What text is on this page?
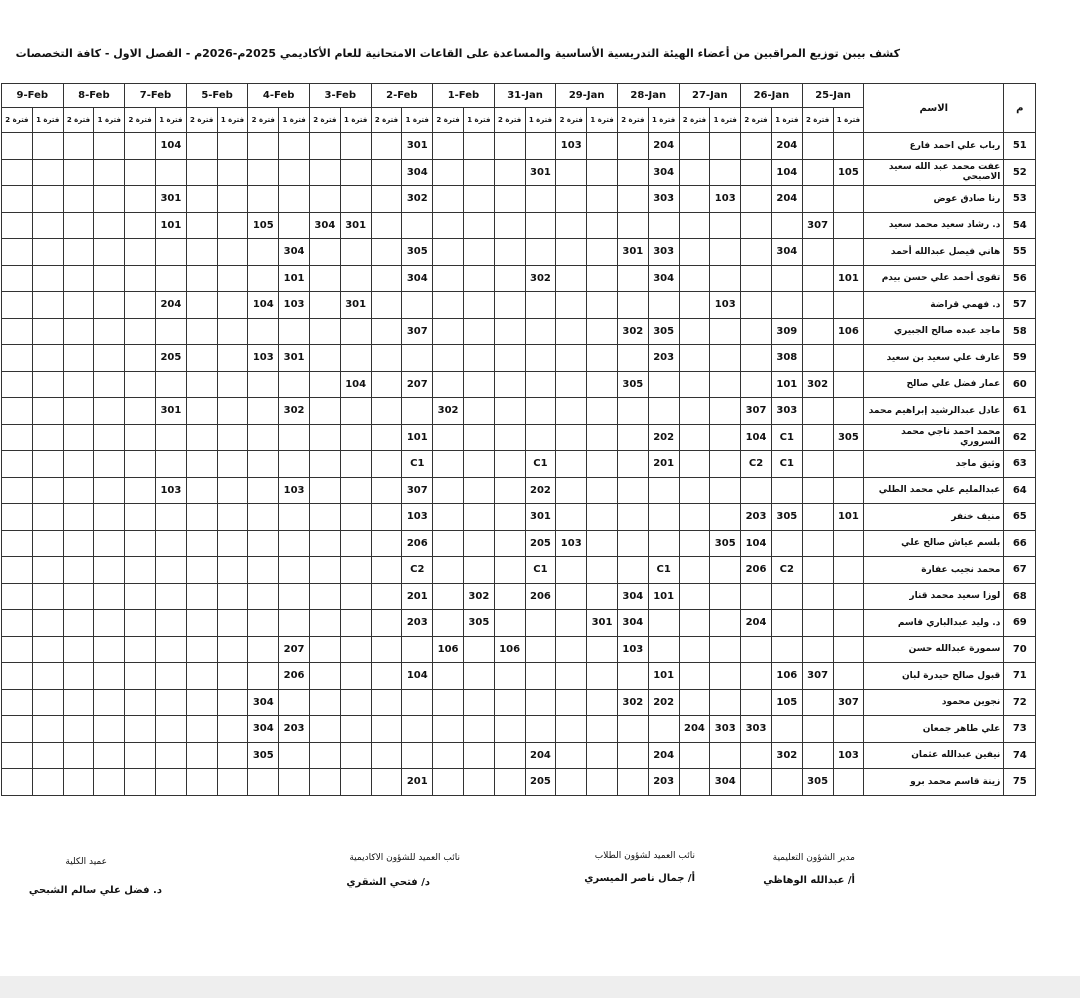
كشف بيبن توزيع المراقبين من أعضاء الهيئة التدريسية الأساسية والمساعدة على القاعات الامتحانية للعام الأكاديمي 2025م-2026م - الفصل الاول - كافة التخصصات
9-Feb		8-Feb		7-Feb		5-Feb		4-Feb		3-Feb		2-Feb		1-Feb		31-Jan		29-Jan		28-Jan		27-Jan		26-Jan		25-Jan		الاسم	م
فترة 2	فترة 1	فترة 2	فترة 1	فترة 2	فترة 1	فترة 2	فترة 1	فترة 2	فترة 1	فترة 2	فترة 1	فترة 2	فترة 1	فترة 2	فترة 1	فترة 2	فترة 1	فترة 2	فترة 1	فترة 2	فترة 1	فترة 2	فترة 1	فترة 2	فترة 1	فترة 2	فترة 1		
					104								301					103			204				204			رباب علي احمد فارع	51
													304				301				304				104		105	عفت محمد عبد الله سعيد الاصبحي	52
					301								302								303		103		204			رنا صادق عوض	53
					101			105		304	301															307		د. رشاد سعيد محمد سعيد	54
									304				305							301	303				304			هاني فيصل عبدالله أحمد	55
									101				304				302				304						101	تقوى أحمد علي حسن بيدم	56
					204			104	103		301												103					د. فهمي قراضة	57
													307							302	305				309		106	ماجد عبده صالح الجبيري	58
					205			103	301												203				308			عارف علي سعيد بن سعيد	59
											104		207							305					101	302		عمار فضل علي صالح	60
					301				302					302										307	303			عادل عبدالرشيد إبراهيم محمد	61
													101								202			104	C1		305	محمد احمد ناجي محمد السروري	62
													C1				C1				201			C2	C1			وثيق ماجد	63
					103				103				307				202											عبدالمليم علي محمد الطلي	64
													103				301							203	305		101	منيف خنفر	65
													206				205	103					305	104				بلسم عياش صالح علي	66
													C2				C1				C1			206	C2			محمد نجيب عفارة	67
													201		302		206			304	101							لوزا سعيد محمد قنار	68
													203		305				301	304				204				د. وليد عبدالباري قاسم	69
									207					106		106				103								سمورة عبدالله حسن	70
									206				104								101				106	307		قبول صالح حيدرة لبان	71
								304												302	202				105		307	نجوين محمود	72
								304	203													204	303	303				علي طاهر جمعان	73
								305									204				204				302		103	نيفين عبدالله عثمان	74
													201				205				203		304			305		زينة قاسم محمد برو	75
مدير الشؤون التعليمية
أ/ عبدالله الوهاظي
نائب العميد لشؤون الطلاب
أ/ جمال ناصر الميسري
نائب العميد للشؤون الاكاديمية
د/ فتحي الشقري
عميد الكلية
د. فضل علي سالم الشبحي
